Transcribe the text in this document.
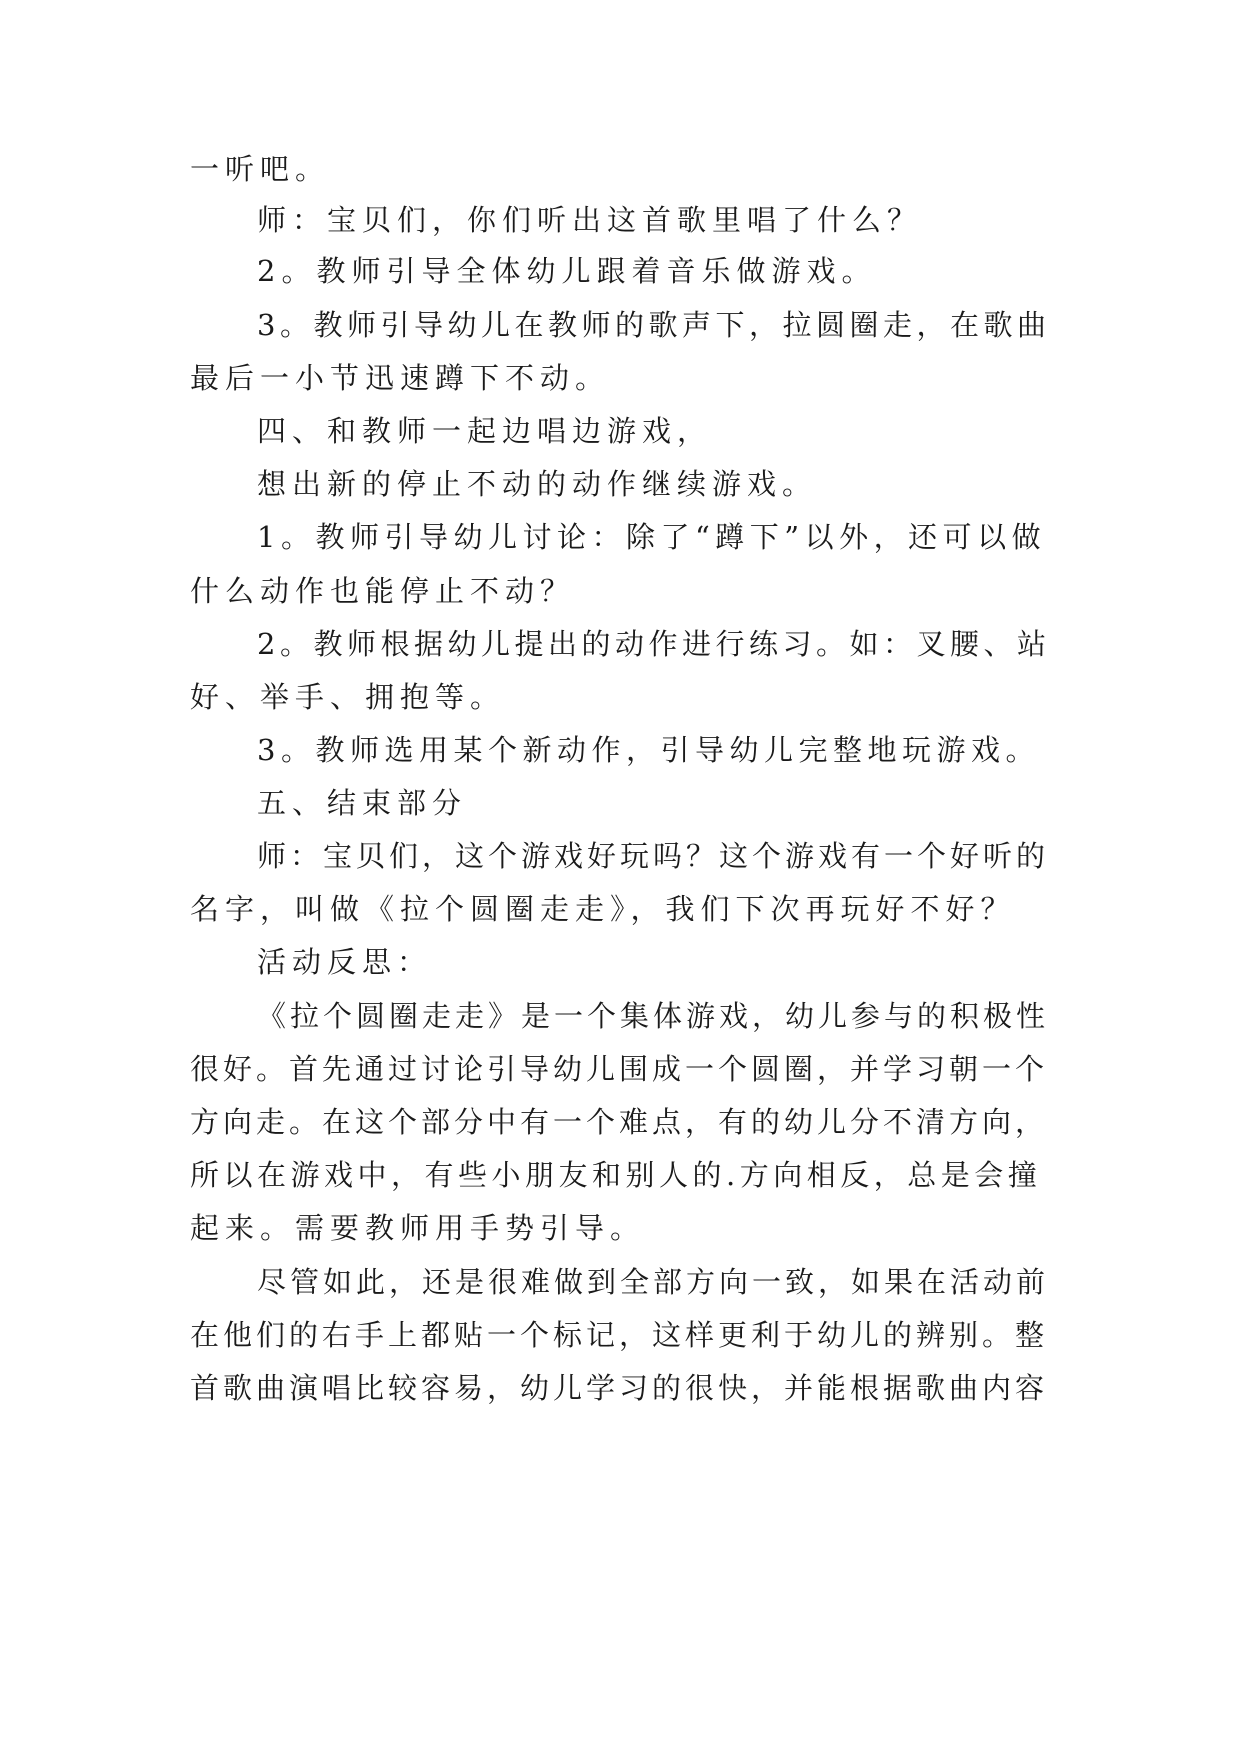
一听吧。
师：宝贝们，你们听出这首歌里唱了什么？
2。教师引导全体幼儿跟着音乐做游戏。
3。教师引导幼儿在教师的歌声下，拉圆圈走，在歌曲
最后一小节迅速蹲下不动。
四、和教师一起边唱边游戏，
想出新的停止不动的动作继续游戏。
1。教师引导幼儿讨论：除了“蹲下”以外，还可以做
什么动作也能停止不动？
2。教师根据幼儿提出的动作进行练习。如：叉腰、站
好、举手、拥抱等。
3。教师选用某个新动作，引导幼儿完整地玩游戏。
五、结束部分
师：宝贝们，这个游戏好玩吗？这个游戏有一个好听的
名字，叫做《拉个圆圈走走》，我们下次再玩好不好？
活动反思：
《拉个圆圈走走》是一个集体游戏，幼儿参与的积极性
很好。首先通过讨论引导幼儿围成一个圆圈，并学习朝一个
方向走。在这个部分中有一个难点，有的幼儿分不清方向，
所以在游戏中，有些小朋友和别人的.方向相反，总是会撞
起来。需要教师用手势引导。
尽管如此，还是很难做到全部方向一致，如果在活动前
在他们的右手上都贴一个标记，这样更利于幼儿的辨别。整
首歌曲演唱比较容易，幼儿学习的很快，并能根据歌曲内容
